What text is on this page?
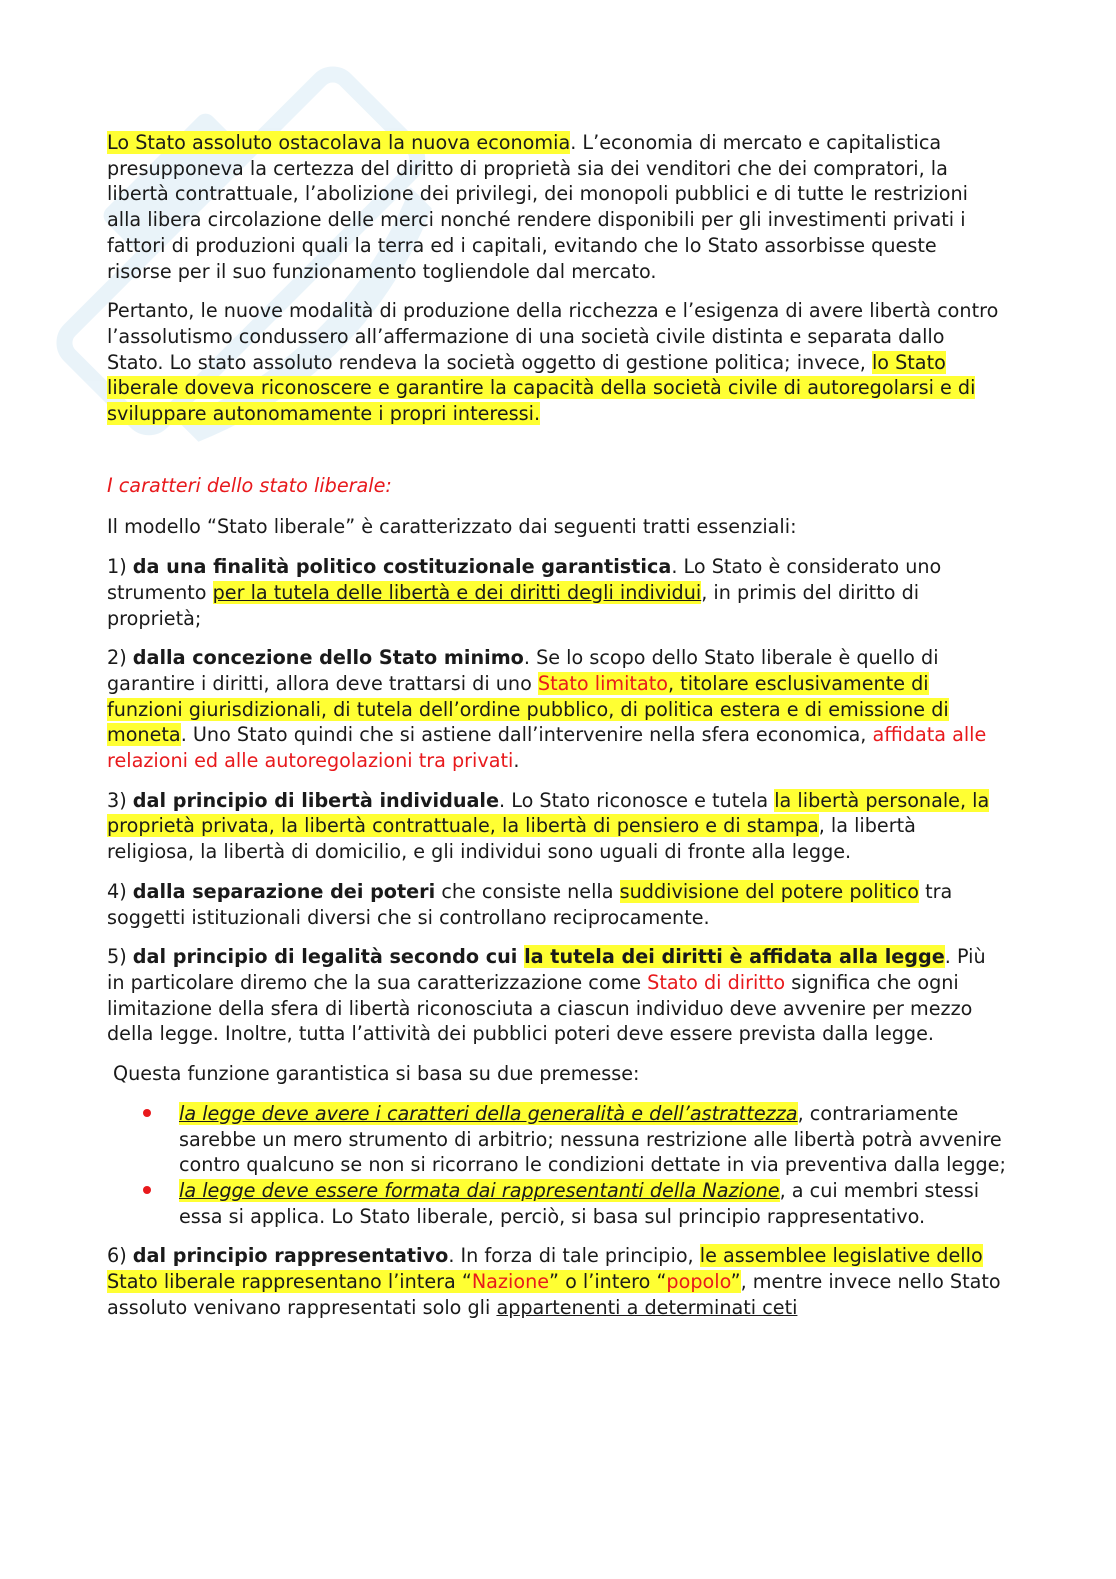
Lo Stato assoluto ostacolava la nuova economia. L’economia di mercato e capitalistica presupponeva la certezza del diritto di proprietà sia dei venditori che dei compratori, la libertà contrattuale, l’abolizione dei privilegi, dei monopoli pubblici e di tutte le restrizioni alla libera circolazione delle merci nonché rendere disponibili per gli investimenti privati i fattori di produzioni quali la terra ed i capitali, evitando che lo Stato assorbisse queste risorse per il suo funzionamento togliendole dal mercato.

Pertanto, le nuove modalità di produzione della ricchezza e l’esigenza di avere libertà contro l’assolutismo condussero all’affermazione di una società civile distinta e separata dallo Stato. Lo stato assoluto rendeva la società oggetto di gestione politica; invece, lo Stato liberale doveva riconoscere e garantire la capacità della società civile di autoregolarsi e di sviluppare autonomamente i propri interessi.

I caratteri dello stato liberale:

Il modello “Stato liberale” è caratterizzato dai seguenti tratti essenziali:

1) da una finalità politico costituzionale garantistica. Lo Stato è considerato uno strumento per la tutela delle libertà e dei diritti degli individui, in primis del diritto di proprietà;

2) dalla concezione dello Stato minimo. Se lo scopo dello Stato liberale è quello di garantire i diritti, allora deve trattarsi di uno Stato limitato, titolare esclusivamente di funzioni giurisdizionali, di tutela dell’ordine pubblico, di politica estera e di emissione di moneta. Uno Stato quindi che si astiene dall’intervenire nella sfera economica, affidata alle relazioni ed alle autoregolazioni tra privati.

3) dal principio di libertà individuale. Lo Stato riconosce e tutela la libertà personale, la proprietà privata, la libertà contrattuale, la libertà di pensiero e di stampa, la libertà religiosa, la libertà di domicilio, e gli individui sono uguali di fronte alla legge.

4) dalla separazione dei poteri che consiste nella suddivisione del potere politico tra soggetti istituzionali diversi che si controllano reciprocamente.

5) dal principio di legalità secondo cui la tutela dei diritti è affidata alla legge. Più in particolare diremo che la sua caratterizzazione come Stato di diritto significa che ogni limitazione della sfera di libertà riconosciuta a ciascun individuo deve avvenire per mezzo della legge. Inoltre, tutta l’attività dei pubblici poteri deve essere prevista dalla legge.

Questa funzione garantistica si basa su due premesse:

la legge deve avere i caratteri della generalità e dell’astrattezza, contrariamente sarebbe un mero strumento di arbitrio; nessuna restrizione alle libertà potrà avvenire contro qualcuno se non si ricorrano le condizioni dettate in via preventiva dalla legge;
la legge deve essere formata dai rappresentanti della Nazione, a cui membri stessi essa si applica. Lo Stato liberale, perciò, si basa sul principio rappresentativo.

6) dal principio rappresentativo. In forza di tale principio, le assemblee legislative dello Stato liberale rappresentano l’intera “Nazione” o l’intero “popolo”, mentre invece nello Stato assoluto venivano rappresentati solo gli appartenenti a determinati ceti
